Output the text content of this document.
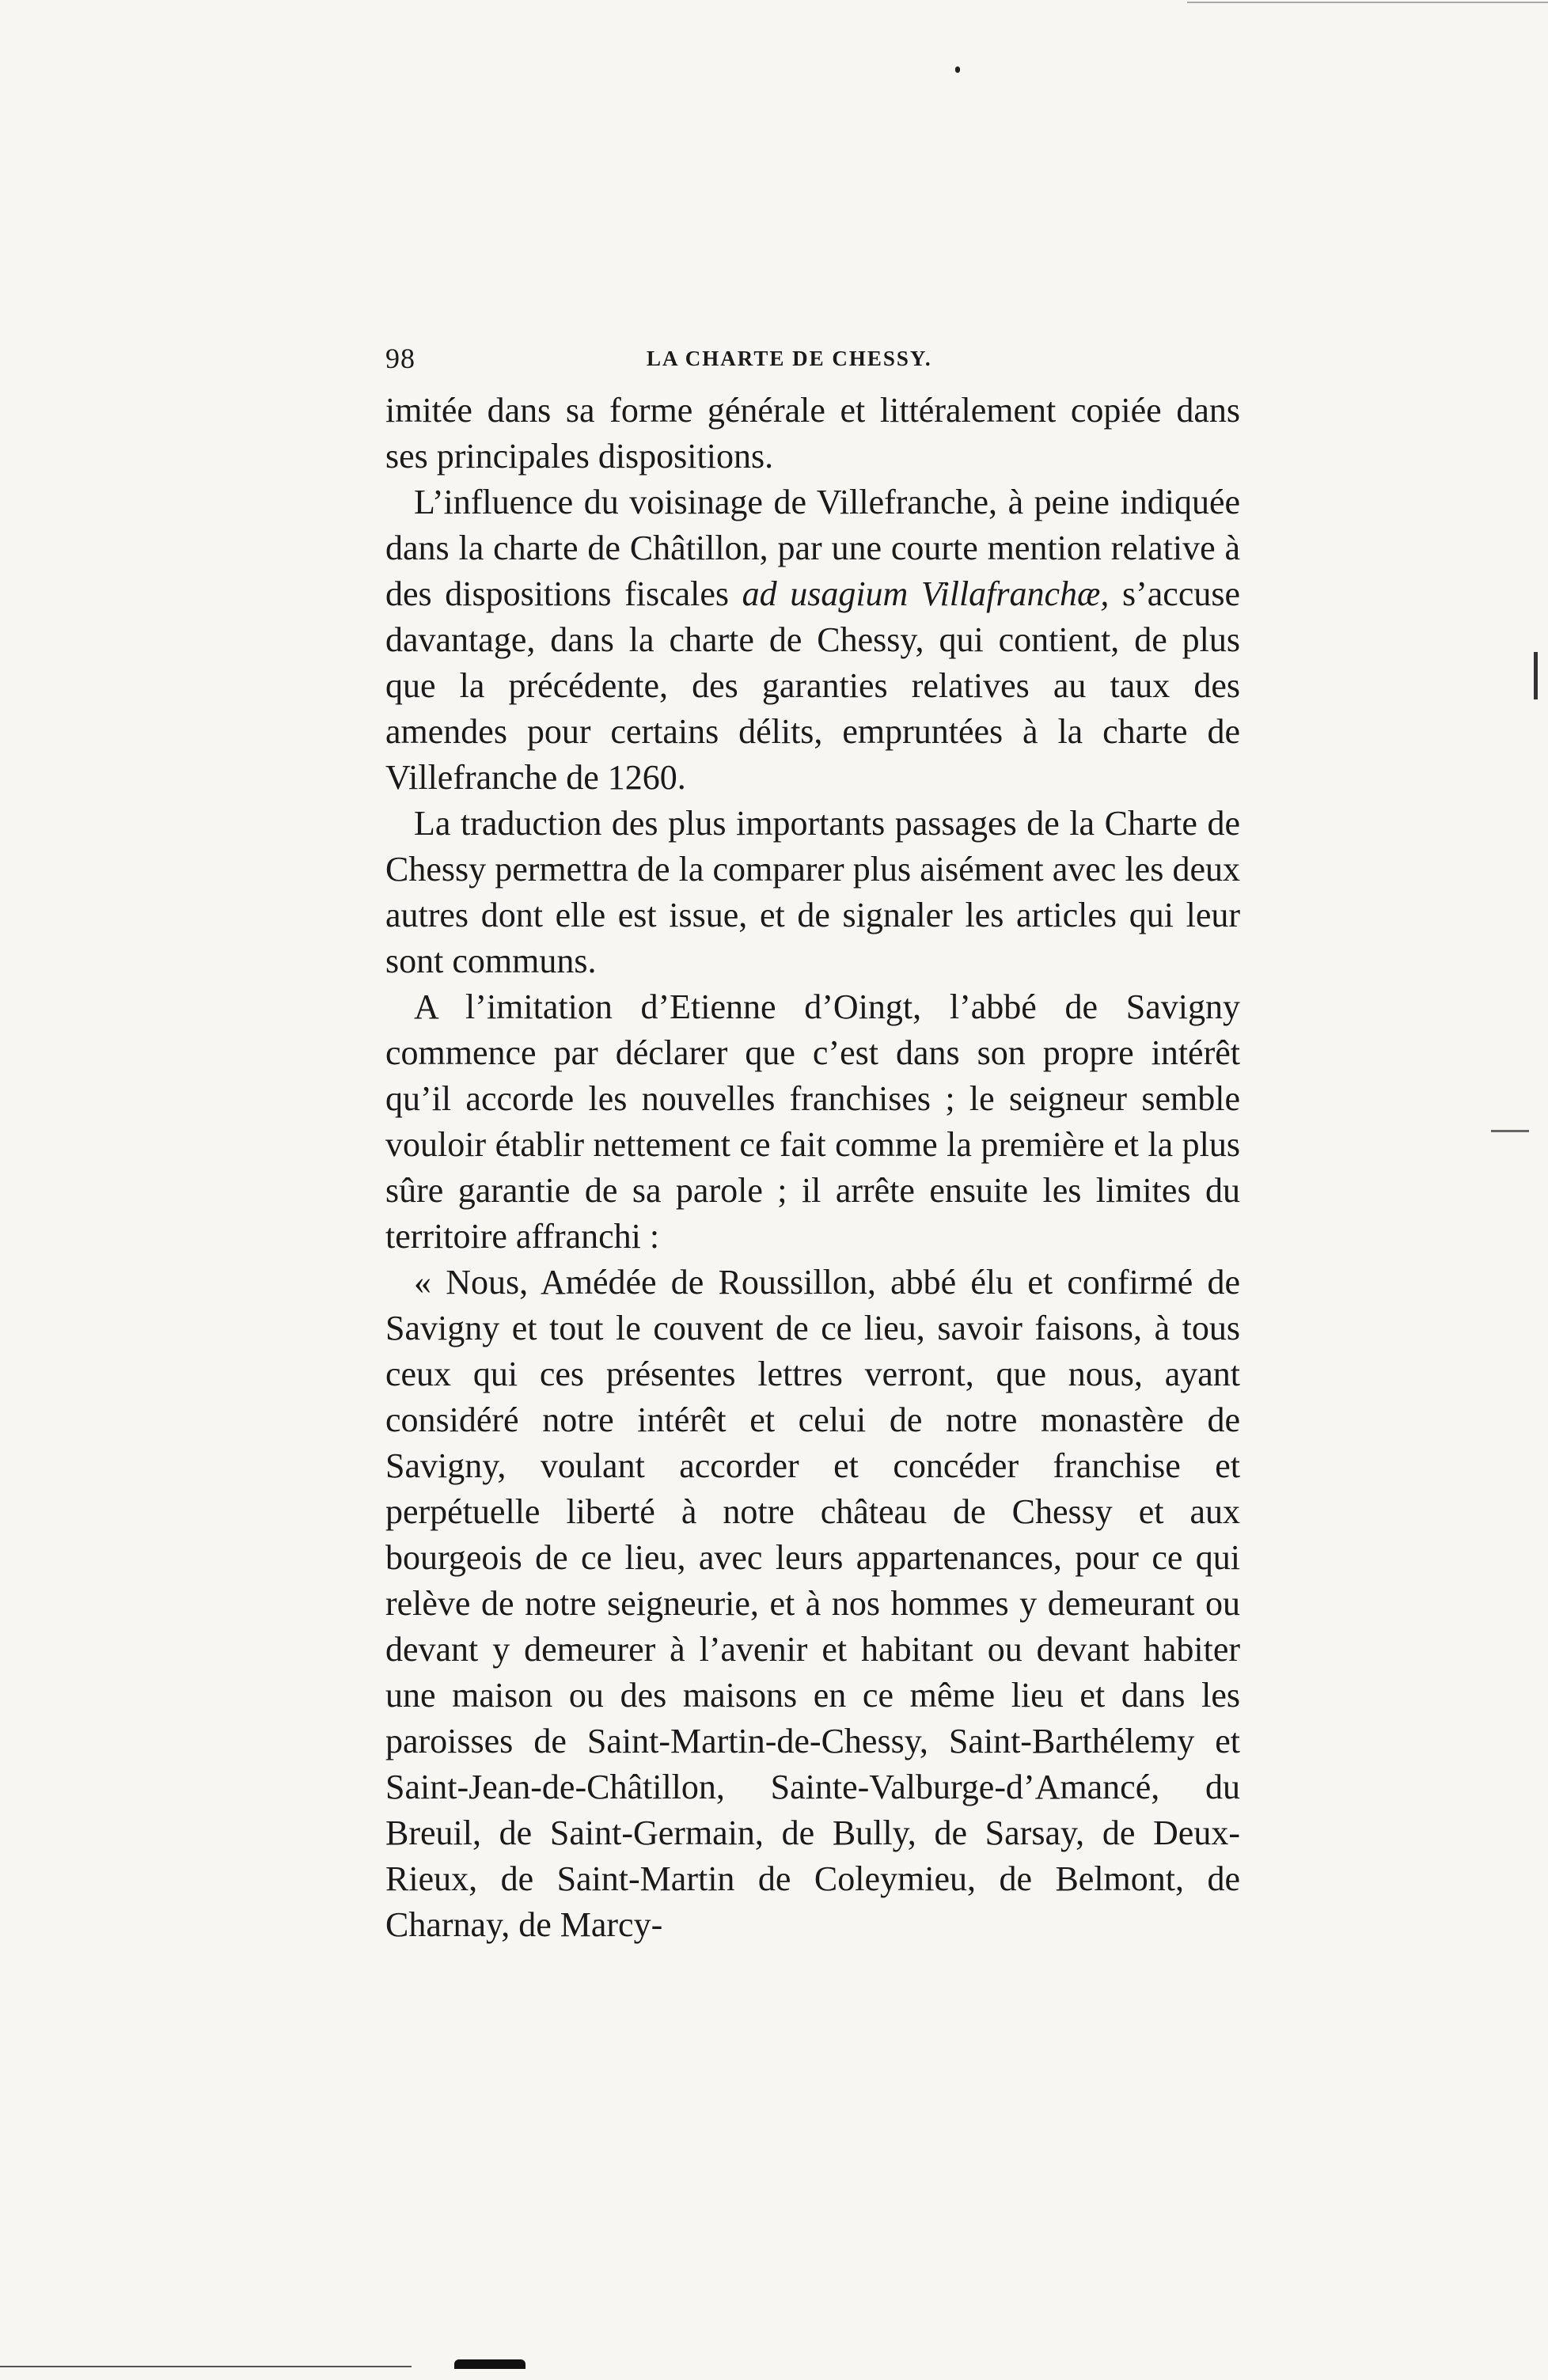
98	LA CHARTE DE CHESSY.

imitée dans sa forme générale et littéralement copiée dans ses principales dispositions.

L’influence du voisinage de Villefranche, à peine indiquée dans la charte de Châtillon, par une courte mention relative à des dispositions fiscales ad usagium Villafranchæ, s’accuse davantage, dans la charte de Chessy, qui contient, de plus que la précédente, des garanties relatives au taux des amendes pour certains délits, empruntées à la charte de Villefranche de 1260.

La traduction des plus importants passages de la Charte de Chessy permettra de la comparer plus aisément avec les deux autres dont elle est issue, et de signaler les articles qui leur sont communs.

A l’imitation d’Etienne d’Oingt, l’abbé de Savigny commence par déclarer que c’est dans son propre intérêt qu’il accorde les nouvelles franchises ; le seigneur semble vouloir établir nettement ce fait comme la première et la plus sûre garantie de sa parole ; il arrête ensuite les limites du territoire affranchi :

« Nous, Amédée de Roussillon, abbé élu et confirmé de Savigny et tout le couvent de ce lieu, savoir faisons, à tous ceux qui ces présentes lettres verront, que nous, ayant considéré notre intérêt et celui de notre monastère de Savigny, voulant accorder et concéder franchise et perpétuelle liberté à notre château de Chessy et aux bourgeois de ce lieu, avec leurs appartenances, pour ce qui relève de notre seigneurie, et à nos hommes y demeurant ou devant y demeurer à l’avenir et habitant ou devant habiter une maison ou des maisons en ce même lieu et dans les paroisses de Saint-Martin-de-Chessy, Saint-Barthélemy et Saint-Jean-de-Châtillon, Sainte-Valburge-d’Amancé, du Breuil, de Saint-Germain, de Bully, de Sarsay, de Deux-Rieux, de Saint-Martin de Coleymieu, de Belmont, de Charnay, de Marcy-
